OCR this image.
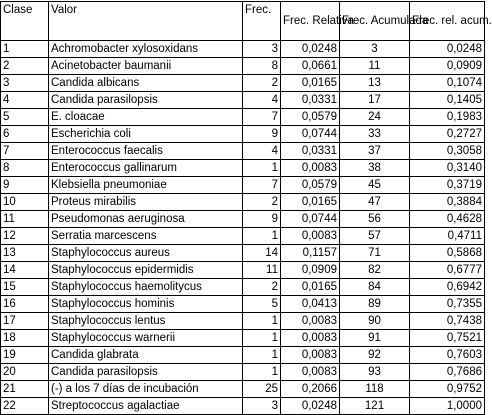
Clase	Valor	Frec.	Frec. Relativa	Frec. Acumulada	Frec. rel. acum.
1	Achromobacter xylosoxidans	3	0,0248	3	0,0248
2	Acinetobacter baumanii	8	0,0661	11	0,0909
3	Candida albicans	2	0,0165	13	0,1074
4	Candida parasilopsis	4	0,0331	17	0,1405
5	E. cloacae	7	0,0579	24	0,1983
6	Escherichia coli	9	0,0744	33	0,2727
7	Enterococcus faecalis	4	0,0331	37	0,3058
8	Enterococcus gallinarum	1	0,0083	38	0,3140
9	Klebsiella pneumoniae	7	0,0579	45	0,3719
10	Proteus mirabilis	2	0,0165	47	0,3884
11	Pseudomonas aeruginosa	9	0,0744	56	0,4628
12	Serratia marcescens	1	0,0083	57	0,4711
13	Staphylococcus aureus	14	0,1157	71	0,5868
14	Staphylococcus epidermidis	11	0,0909	82	0,6777
15	Staphylococcus haemolitycus	2	0,0165	84	0,6942
16	Staphylococcus hominis	5	0,0413	89	0,7355
17	Staphylococcus lentus	1	0,0083	90	0,7438
18	Staphylococcus warnerii	1	0,0083	91	0,7521
19	Candida glabrata	1	0,0083	92	0,7603
20	Candida parasilopsis	1	0,0083	93	0,7686
21	(-) a los 7 días de incubación	25	0,2066	118	0,9752
22	Streptococcus agalactiae	3	0,0248	121	1,0000
